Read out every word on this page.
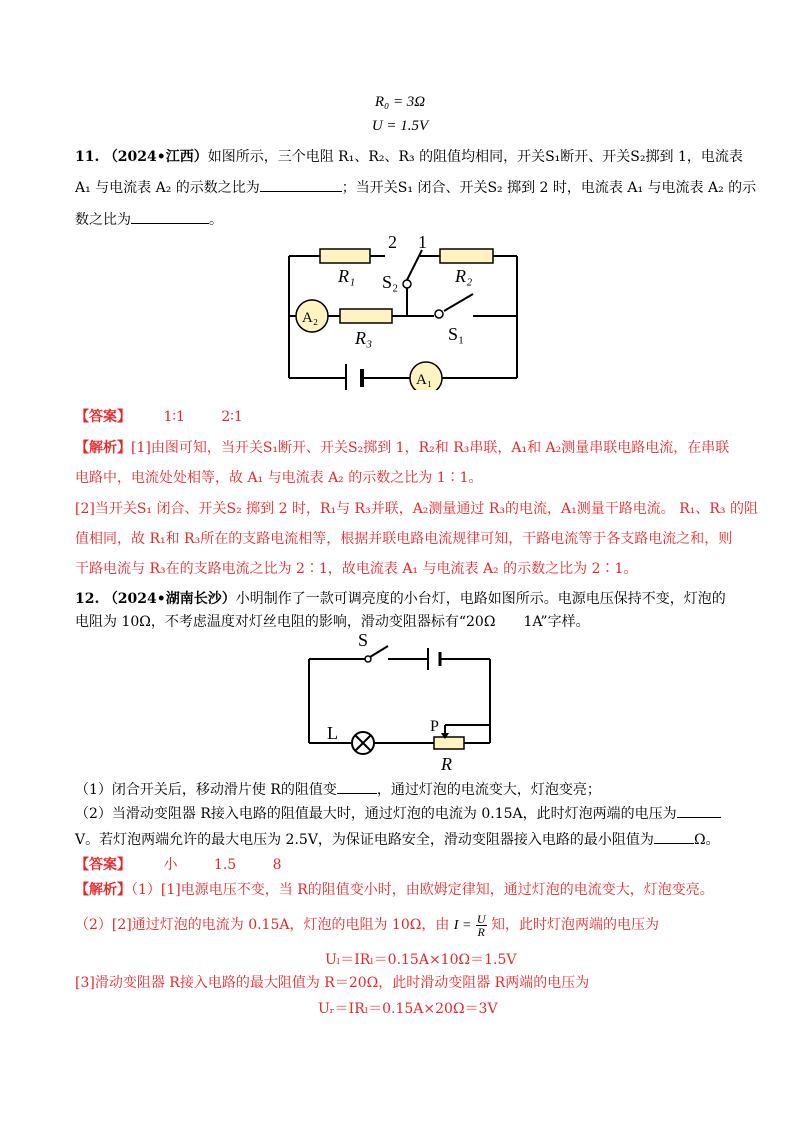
R₀ = 3Ω
U = 1.5V
11. （2024•江西）如图所示，三个电阻 R₁、R₂、R₃ 的阻值均相同，开关S₁断开、开关S₂掷到 1，电流表
A₁ 与电流表 A₂ 的示数之比为	；当开关S₁ 闭合、开关S₂ 掷到 2 时，电流表 A₁ 与电流表 A₂ 的示
数之比为	。
R₁	R₂
R₃
S₂
S₁
2 1
A₂
A₁
【答案】 1∶1	2∶1
【解析】[1]由图可知，当开关S₁断开、开关S₂掷到 1，R₂和 R₃串联，A₁和 A₂测量串联电路电流，在串联
电路中，电流处处相等，故 A₁ 与电流表 A₂ 的示数之比为 1∶1。
[2]当开关S₁ 闭合、开关S₂ 掷到 2 时，R₁与 R₃并联，A₂测量通过 R₃的电流，A₁测量干路电流。 R₁、R₃ 的阻
值相同，故 R₁和 R₃所在的支路电流相等，根据并联电路电流规律可知，干路电流等于各支路电流之和，则
干路电流与 R₃在的支路电流之比为 2∶1，故电流表 A₁ 与电流表 A₂ 的示数之比为 2∶1。
12. （2024•湖南长沙）小明制作了一款可调亮度的小台灯，电路如图所示。电源电压保持不变，灯泡的
电阻为 10Ω，不考虑温度对灯丝电阻的影响，滑动变阻器标有“20Ω　　1A”字样。
S
L	P
R
（1）闭合开关后，移动滑片使 R的阻值变	，通过灯泡的电流变大，灯泡变亮；
（2）当滑动变阻器 R接入电路的阻值最大时，通过灯泡的电流为 0.15A，此时灯泡两端的电压为
V。若灯泡两端允许的最大电压为 2.5V，为保证电路安全，滑动变阻器接入电路的最小阻值为	Ω。
【答案】 小	1.5	8
【解析】（1）[1]电源电压不变，当 R的阻值变小时，由欧姆定律知，通过灯泡的电流变大，灯泡变亮。
（2）[2]通过灯泡的电流为 0.15A，灯泡的电阻为 10Ω，由 $I = \frac{U}{R}$ 知，此时灯泡两端的电压为
Uₗ＝IRₗ＝0.15A×10Ω＝1.5V
[3]滑动变阻器 R接入电路的最大阻值为 R＝20Ω，此时滑动变阻器 R两端的电压为
Uᵣ＝IRₗ＝0.15A×20Ω＝3V
